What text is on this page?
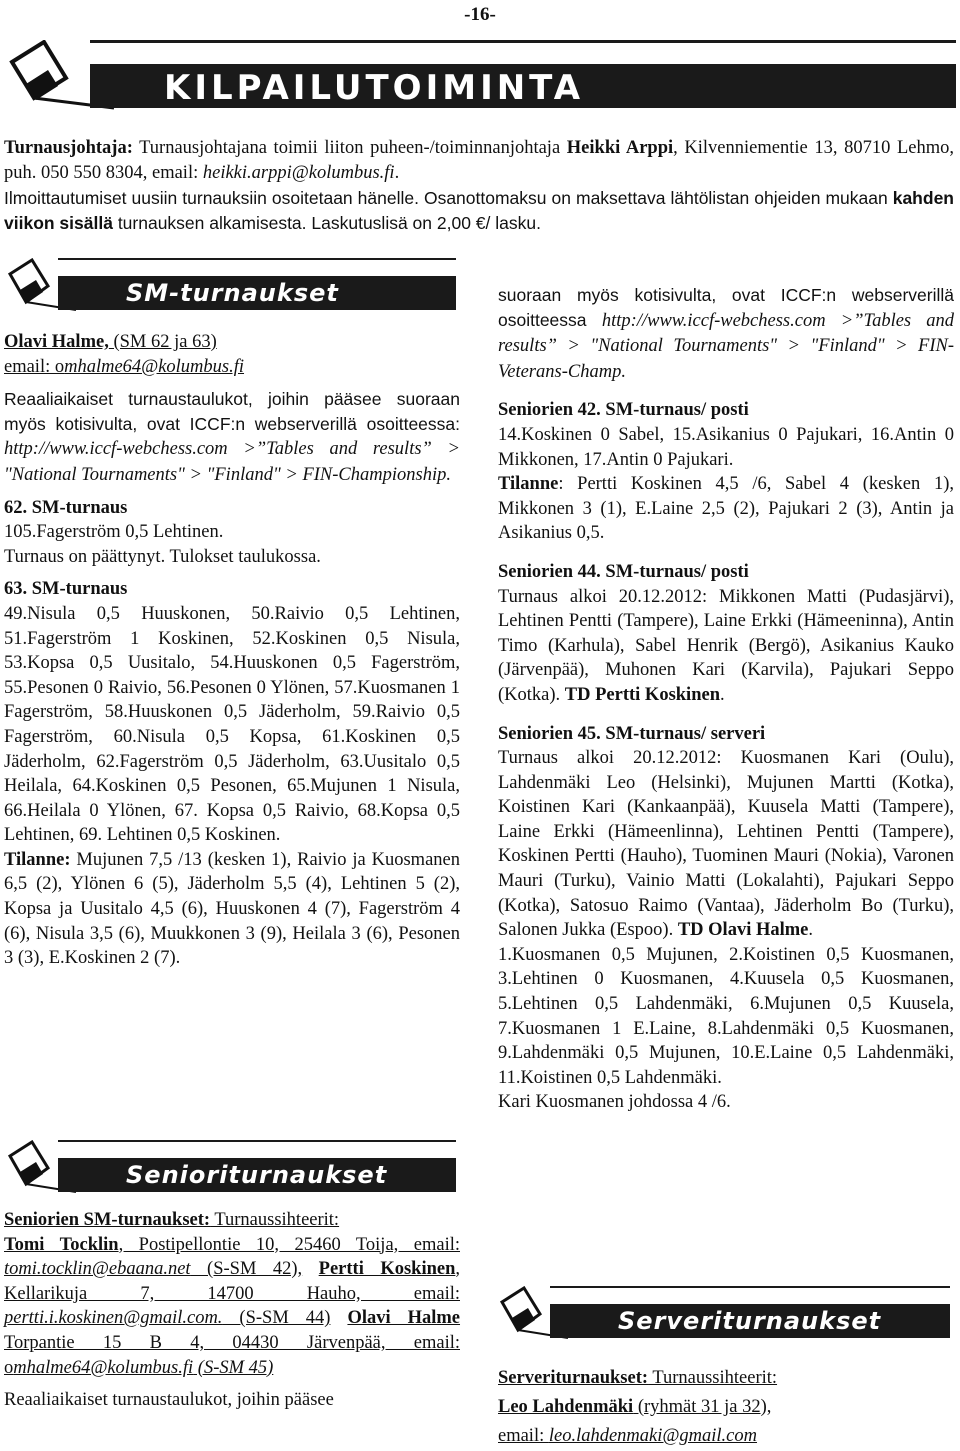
-16-
KILPAILUTOIMINTA

Turnausjohtaja: Turnausjohtajana toimii liiton puheen-/toiminnanjohtaja Heikki Arppi, Kilvenniementie 13, 80710 Lehmo, puh. 050 550 8304, email: heikki.arppi@kolumbus.fi.

Ilmoittautumiset uusiin turnauksiin osoitetaan hänelle. Osanottomaksu on maksettava lähtölistan ohjeiden mukaan kahden viikon sisällä turnauksen alkamisesta. Laskutuslisä on 2,00 €/ lasku.

SM-turnaukset

Olavi Halme, (SM 62 ja 63)

email: omhalme64@kolumbus.fi

Reaaliaikaiset turnaustaulukot, joihin pääsee suoraan myös kotisivulta, ovat ICCF:n webserverillä osoitteessa: http://www.iccf-webchess.com >”Tables and results” > "National Tournaments" > "Finland" > FIN-Championship.

62. SM-turnaus

105.Fagerström 0,5 Lehtinen.

Turnaus on päättynyt. Tulokset taulukossa.

63. SM-turnaus

49.Nisula 0,5 Huuskonen, 50.Raivio 0,5 Lehtinen, 51.Fagerström 1 Koskinen, 52.Koskinen 0,5 Nisula, 53.Kopsa 0,5 Uusitalo, 54.Huuskonen 0,5 Fagerström, 55.Pesonen 0 Raivio, 56.Pesonen 0 Ylönen, 57.Kuosmanen 1 Fagerström, 58.Huuskonen 0,5 Jäderholm, 59.Raivio 0,5 Fagerström, 60.Nisula 0,5 Kopsa, 61.Koskinen 0,5 Jäderholm, 62.Fagerström 0,5 Jäderholm, 63.Uusitalo 0,5 Heilala, 64.Koskinen 0,5 Pesonen, 65.Mujunen 1 Nisula, 66.Heilala 0 Ylönen, 67. Kopsa 0,5 Raivio, 68.Kopsa 0,5 Lehtinen, 69. Lehtinen 0,5 Koskinen.

Tilanne: Mujunen 7,5 /13 (kesken 1), Raivio ja Kuosmanen 6,5 (2), Ylönen 6 (5), Jäderholm 5,5 (4), Lehtinen 5 (2), Kopsa ja Uusitalo 4,5 (6), Huuskonen 4 (7), Fagerström 4 (6), Nisula 3,5 (6), Muukkonen 3 (9), Heilala 3 (6), Pesonen 3 (3), E.Koskinen 2 (7).

Senioriturnaukset

Seniorien SM-turnaukset: Turnaussihteerit:

Tomi Tocklin, Postipellontie 10, 25460 Toija, email: tomi.tocklin@ebaana.net (S-SM 42), Pertti Koskinen, Kellarikuja 7, 14700 Hauho, email: pertti.i.koskinen@gmail.com. (S-SM 44) Olavi Halme Torpantie 15 B 4, 04430 Järvenpää, email: omhalme64@kolumbus.fi (S-SM 45)

Reaaliaikaiset turnaustaulukot, joihin pääsee

suoraan myös kotisivulta, ovat ICCF:n webserverillä osoitteessa http://www.iccf-webchess.com >”Tables and results” > "National Tournaments" > "Finland" > FIN-Veterans-Champ.

Seniorien 42. SM-turnaus/ posti

14.Koskinen 0 Sabel, 15.Asikanius 0 Pajukari, 16.Antin 0 Mikkonen, 17.Antin 0 Pajukari.

Tilanne: Pertti Koskinen 4,5 /6, Sabel 4 (kesken 1), Mikkonen 3 (1), E.Laine 2,5 (2), Pajukari 2 (3), Antin ja Asikanius 0,5.

Seniorien 44. SM-turnaus/ posti

Turnaus alkoi 20.12.2012: Mikkonen Matti (Pudasjärvi), Lehtinen Pentti (Tampere), Laine Erkki (Hämeeninna), Antin Timo (Karhula), Sabel Henrik (Bergö), Asikanius Kauko (Järvenpää), Muhonen Kari (Karvila), Pajukari Seppo (Kotka). TD Pertti Koskinen.

Seniorien 45. SM-turnaus/ serveri

Turnaus alkoi 20.12.2012: Kuosmanen Kari (Oulu), Lahdenmäki Leo (Helsinki), Mujunen Martti (Kotka), Koistinen Kari (Kankaanpää), Kuusela Matti (Tampere), Laine Erkki (Hämeenlinna), Lehtinen Pentti (Tampere), Koskinen Pertti (Hauho), Tuominen Mauri (Nokia), Varonen Mauri (Turku), Vainio Matti (Lokalahti), Pajukari Seppo (Kotka), Satosuo Raimo (Vantaa), Jäderholm Bo (Turku), Salonen Jukka (Espoo). TD Olavi Halme.

1.Kuosmanen 0,5 Mujunen, 2.Koistinen 0,5 Kuosmanen, 3.Lehtinen 0 Kuosmanen, 4.Kuusela 0,5 Kuosmanen, 5.Lehtinen 0,5 Lahdenmäki, 6.Mujunen 0,5 Kuusela, 7.Kuosmanen 1 E.Laine, 8.Lahdenmäki 0,5 Kuosmanen, 9.Lahdenmäki 0,5 Mujunen, 10.E.Laine 0,5 Lahdenmäki, 11.Koistinen 0,5 Lahdenmäki.

Kari Kuosmanen johdossa 4 /6.

Serveriturnaukset

Serveriturnaukset: Turnaussihteerit:

Leo Lahdenmäki (ryhmät 31 ja 32),

email: leo.lahdenmaki@gmail.com
